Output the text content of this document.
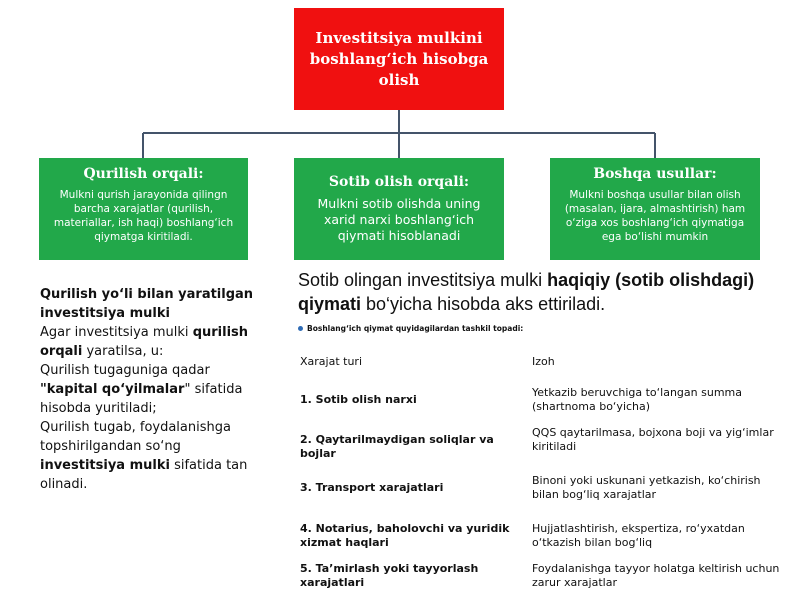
Investitsiya mulkini boshlang‘ich hisobga olish
Qurilish orqali:
Mulkni qurish jarayonida qilingn barcha xarajatlar (qurilish, materiallar, ish haqi) boshlang‘ich qiymatga kiritiladi.
Sotib olish orqali:
Mulkni sotib olishda uning xarid narxi boshlang‘ich qiymati hisoblanadi
Boshqa usullar:
Mulkni boshqa usullar bilan olish (masalan, ijara, almashtirish) ham o‘ziga xos boshlang‘ich qiymatiga ega bo‘lishi mumkin
Qurilish yo‘li bilan yaratilgan investitsiya mulki
Agar investitsiya mulki qurilish orqali yaratilsa, u:
Qurilish tugaguniga qadar "kapital qo‘yilmalar" sifatida hisobda yuritiladi;
Qurilish tugab, foydalanishga topshirilgandan so‘ng investitsiya mulki sifatida tan olinadi.
Sotib olingan investitsiya mulki haqiqiy (sotib olishdagi) qiymati bo‘yicha hisobda aks ettiriladi.
Boshlang‘ich qiymat quyidagilardan tashkil topadi:
Xarajat turi	Izoh
1. Sotib olish narxi
Yetkazib beruvchiga to‘langan summa (shartnoma bo‘yicha)
2. Qaytarilmaydigan soliqlar va bojlar
QQS qaytarilmasa, bojxona boji va yig‘imlar kiritiladi
3. Transport xarajatlari
Binoni yoki uskunani yetkazish, ko‘chirish bilan bog‘liq xarajatlar
4. Notarius, baholovchi va yuridik xizmat haqlari
Hujjatlashtirish, ekspertiza, ro‘yxatdan o‘tkazish bilan bog‘liq
5. Ta’mirlash yoki tayyorlash xarajatlari
Foydalanishga tayyor holatga keltirish uchun zarur xarajatlar
